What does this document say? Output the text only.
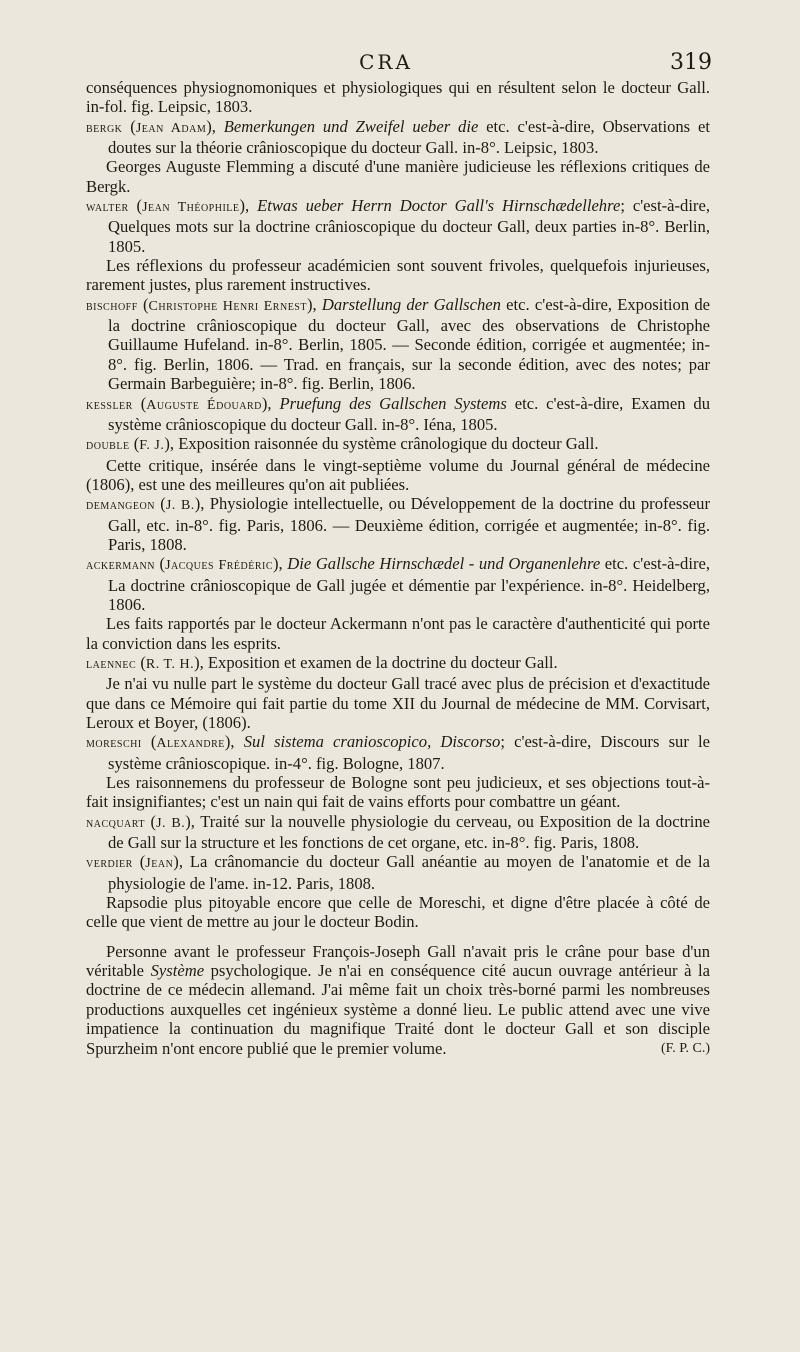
CRA	319

conséquences physiognomoniques et physiologiques qui en résultent selon le docteur Gall. in-fol. fig. Leipsic, 1803.

bergk (Jean Adam), Bemerkungen und Zweifel ueber die etc. c'est-à-dire, Observations et doutes sur la théorie crânioscopique du docteur Gall. in-8°. Leipsic, 1803.

Georges Auguste Flemming a discuté d'une manière judicieuse les réflexions critiques de Bergk.

walter (Jean Théophile), Etwas ueber Herrn Doctor Gall's Hirnschædellehre; c'est-à-dire, Quelques mots sur la doctrine crânioscopique du docteur Gall, deux parties in-8°. Berlin, 1805.

Les réflexions du professeur académicien sont souvent frivoles, quelquefois injurieuses, rarement justes, plus rarement instructives.

bischoff (Christophe Henri Ernest), Darstellung der Gallschen etc. c'est-à-dire, Exposition de la doctrine crânioscopique du docteur Gall, avec des observations de Christophe Guillaume Hufeland. in-8°. Berlin, 1805. — Seconde édition, corrigée et augmentée; in-8°. fig. Berlin, 1806. — Trad. en français, sur la seconde édition, avec des notes; par Germain Barbeguière; in-8°. fig. Berlin, 1806.

kessler (Auguste Édouard), Pruefung des Gallschen Systems etc. c'est-à-dire, Examen du système crânioscopique du docteur Gall. in-8°. Iéna, 1805.

double (F. J.), Exposition raisonnée du système crânologique du docteur Gall.

Cette critique, insérée dans le vingt-septième volume du Journal général de médecine (1806), est une des meilleures qu'on ait publiées.

demangeon (J. B.), Physiologie intellectuelle, ou Développement de la doctrine du professeur Gall, etc. in-8°. fig. Paris, 1806. — Deuxième édition, corrigée et augmentée; in-8°. fig. Paris, 1808.

ackermann (Jacques Frédéric), Die Gallsche Hirnschædel - und Organenlehre etc. c'est-à-dire, La doctrine crânioscopique de Gall jugée et démentie par l'expérience. in-8°. Heidelberg, 1806.

Les faits rapportés par le docteur Ackermann n'ont pas le caractère d'authenticité qui porte la conviction dans les esprits.

laennec (R. T. H.), Exposition et examen de la doctrine du docteur Gall.

Je n'ai vu nulle part le système du docteur Gall tracé avec plus de précision et d'exactitude que dans ce Mémoire qui fait partie du tome XII du Journal de médecine de MM. Corvisart, Leroux et Boyer, (1806).

moreschi (Alexandre), Sul sistema cranioscopico, Discorso; c'est-à-dire, Discours sur le système crânioscopique. in-4°. fig. Bologne, 1807.

Les raisonnemens du professeur de Bologne sont peu judicieux, et ses objections tout-à-fait insignifiantes; c'est un nain qui fait de vains efforts pour combattre un géant.

nacquart (J. B.), Traité sur la nouvelle physiologie du cerveau, ou Exposition de la doctrine de Gall sur la structure et les fonctions de cet organe, etc. in-8°. fig. Paris, 1808.

verdier (Jean), La crânomancie du docteur Gall anéantie au moyen de l'anatomie et de la physiologie de l'ame. in-12. Paris, 1808.

Rapsodie plus pitoyable encore que celle de Moreschi, et digne d'être placée à côté de celle que vient de mettre au jour le docteur Bodin.

Personne avant le professeur François-Joseph Gall n'avait pris le crâne pour base d'un véritable Système psychologique. Je n'ai en conséquence cité aucun ouvrage antérieur à la doctrine de ce médecin allemand. J'ai même fait un choix très-borné parmi les nombreuses productions auxquelles cet ingénieux système a donné lieu. Le public attend avec une vive impatience la continuation du magnifique Traité dont le docteur Gall et son disciple Spurzheim n'ont encore publié que le premier volume.	(F. P. C.)
